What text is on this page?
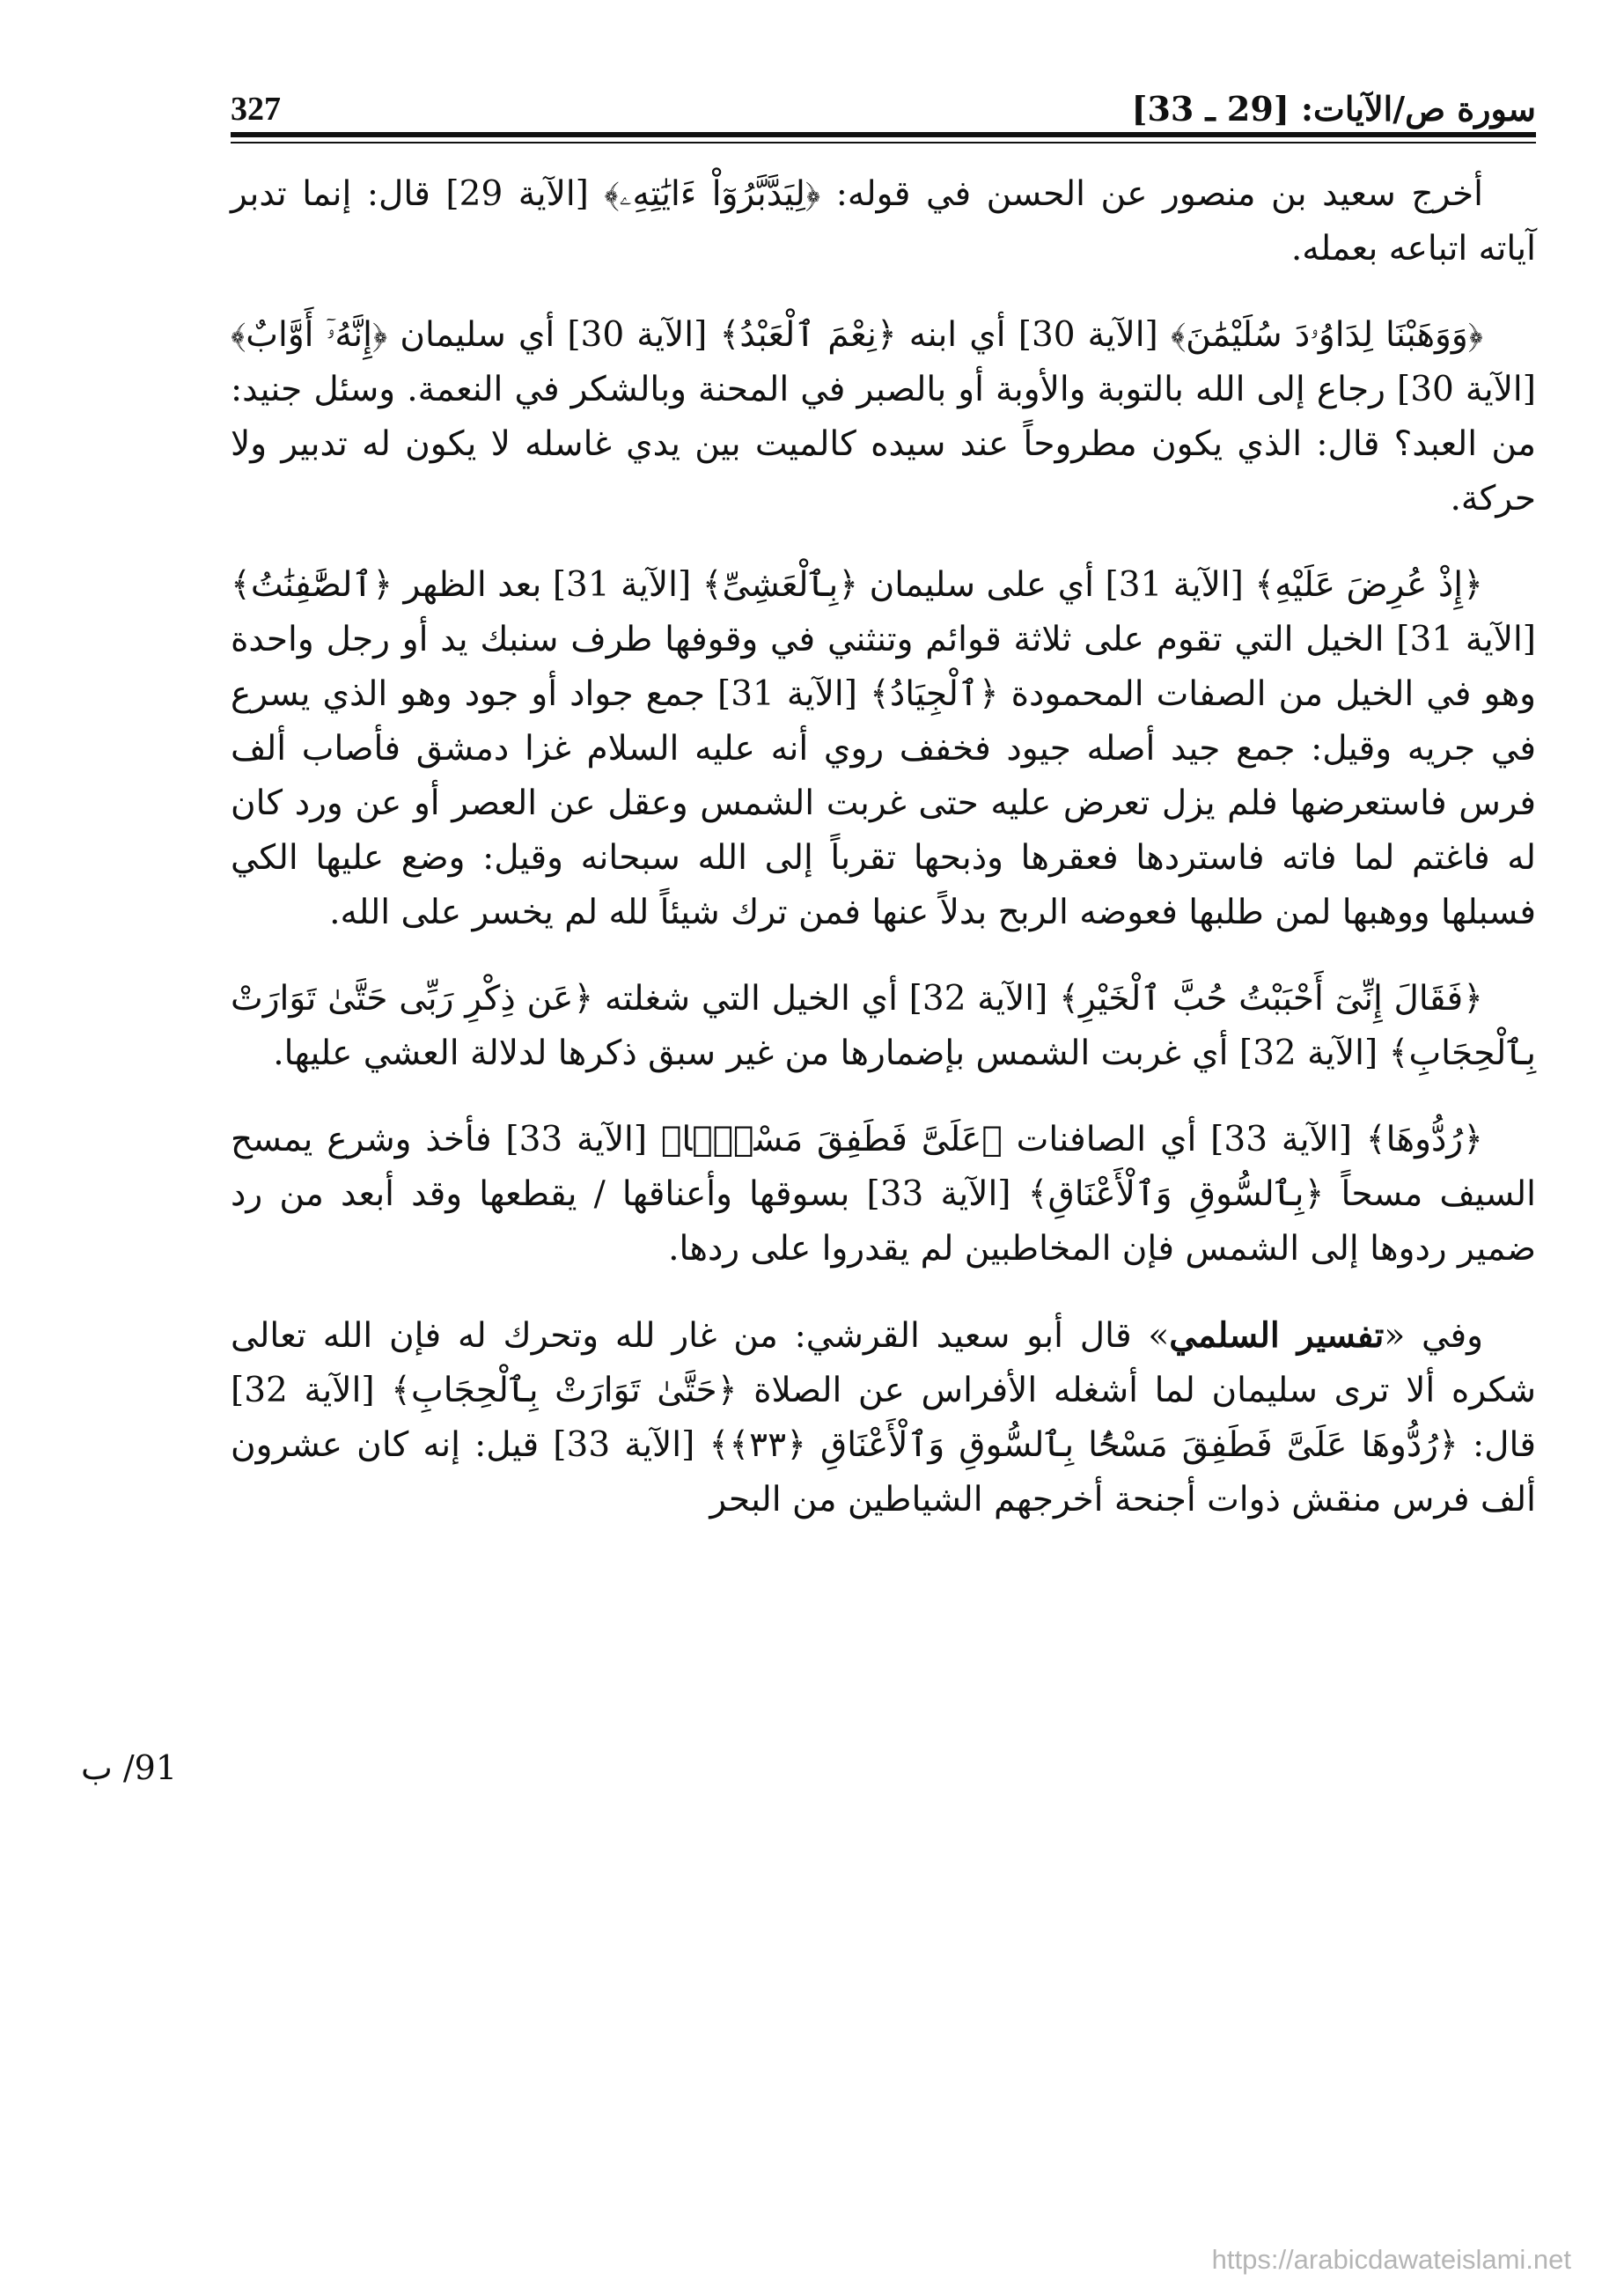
سورة ص/الآيات: [29 ـ 33]
327

أخرج سعيد بن منصور عن الحسن في قوله: ﴿لِيَدَّبَّرُوٓاْ ءَايَٰتِهِۦ﴾ [الآية 29] قال: إنما تدبر آياته اتباعه بعمله.

﴿وَوَهَبْنَا لِدَاوُۥدَ سُلَيْمَٰنَ﴾ [الآية 30] أي ابنه ﴿نِعْمَ ٱلْعَبْدُ﴾ [الآية 30] أي سليمان ﴿إِنَّهُۥٓ أَوَّابٌ﴾ [الآية 30] رجاع إلى الله بالتوبة والأوبة أو بالصبر في المحنة وبالشكر في النعمة. وسئل جنيد: من العبد؟ قال: الذي يكون مطروحاً عند سيده كالميت بين يدي غاسله لا يكون له تدبير ولا حركة.

﴿إِذْ عُرِضَ عَلَيْهِ﴾ [الآية 31] أي على سليمان ﴿بِٱلْعَشِىِّ﴾ [الآية 31] بعد الظهر ﴿ٱلصَّٰفِنَٰتُ﴾ [الآية 31] الخيل التي تقوم على ثلاثة قوائم وتنثني في وقوفها طرف سنبك يد أو رجل واحدة وهو في الخيل من الصفات المحمودة ﴿ٱلْجِيَادُ﴾ [الآية 31] جمع جواد أو جود وهو الذي يسرع في جريه وقيل: جمع جيد أصله جيود فخفف روي أنه عليه السلام غزا دمشق فأصاب ألف فرس فاستعرضها فلم يزل تعرض عليه حتى غربت الشمس وعقل عن العصر أو عن ورد كان له فاغتم لما فاته فاستردها فعقرها وذبحها تقرباً إلى الله سبحانه وقيل: وضع عليها الكي فسبلها ووهبها لمن طلبها فعوضه الربح بدلاً عنها فمن ترك شيئاً لله لم يخسر على الله.

﴿فَقَالَ إِنِّىٓ أَحْبَبْتُ حُبَّ ٱلْخَيْرِ﴾ [الآية 32] أي الخيل التي شغلته ﴿عَن ذِكْرِ رَبِّى حَتَّىٰ تَوَارَتْ بِٱلْحِجَابِ﴾ [الآية 32] أي غربت الشمس بإضمارها من غير سبق ذكرها لدلالة العشي عليها.

﴿رُدُّوهَا﴾ [الآية 33] أي الصافنات ﴿عَلَىَّ فَطَفِقَ مَسْحًۢا﴾ [الآية 33] فأخذ وشرع يمسح السيف مسحاً ﴿بِٱلسُّوقِ وَٱلْأَعْنَاقِ﴾ [الآية 33] بسوقها وأعناقها / يقطعها وقد أبعد من رد ضمير ردوها إلى الشمس فإن المخاطبين لم يقدروا على ردها.

وفي «تفسير السلمي» قال أبو سعيد القرشي: من غار لله وتحرك له فإن الله تعالى شكره ألا ترى سليمان لما أشغله الأفراس عن الصلاة ﴿حَتَّىٰ تَوَارَتْ بِٱلْحِجَابِ﴾ [الآية 32] قال: ﴿رُدُّوهَا عَلَىَّ فَطَفِقَ مَسْحًۢا بِٱلسُّوقِ وَٱلْأَعْنَاقِ ﴿٣٣﴾﴾ [الآية 33] قيل: إنه كان عشرون ألف فرس منقش ذوات أجنحة أخرجهم الشياطين من البحر

91/ ب
https://arabicdawateislami.net
